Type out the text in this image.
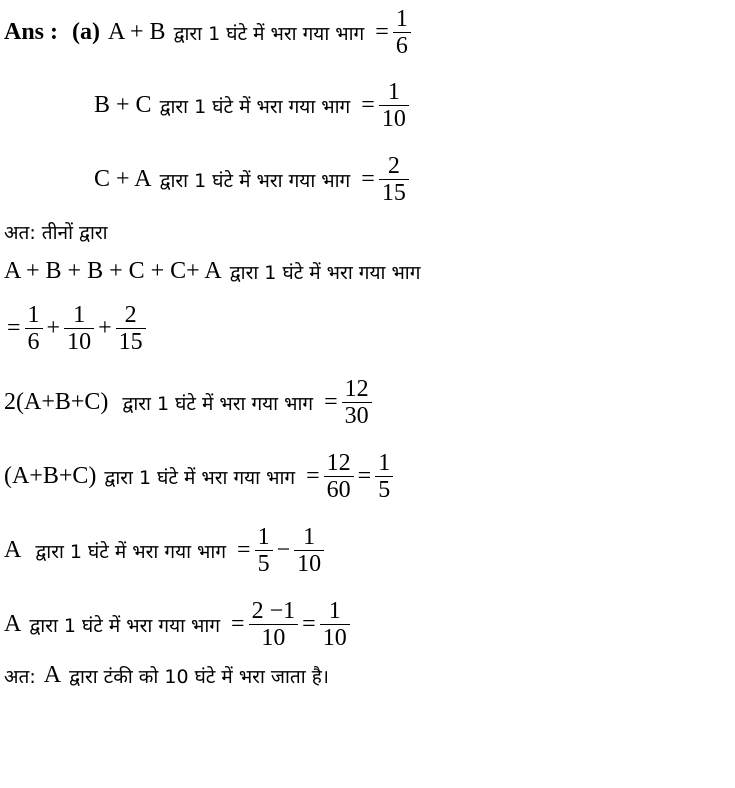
Ans : (a) A + B द्वारा 1 घंटे में भरा गया भाग = $\frac{1}{6}$
B + C द्वारा 1 घंटे में भरा गया भाग = $\frac{1}{10}$
C + A द्वारा 1 घंटे में भरा गया भाग = $\frac{2}{15}$
अत: तीनों द्वारा
A + B + B + C + C+ A द्वारा 1 घंटे में भरा गया भाग
= $\frac{1}{6} + \frac{1}{10} + \frac{2}{15}$
2(A+B+C) द्वारा 1 घंटे में भरा गया भाग = $\frac{12}{30}$
(A+B+C) द्वारा 1 घंटे में भरा गया भाग = $\frac{12}{60} = \frac{1}{5}$
A द्वारा 1 घंटे में भरा गया भाग = $\frac{1}{5} - \frac{1}{10}$
A द्वारा 1 घंटे में भरा गया भाग = $\frac{2 -1}{10} = \frac{1}{10}$
अत: A द्वारा टंकी को 10 घंटे में भरा जाता है।
